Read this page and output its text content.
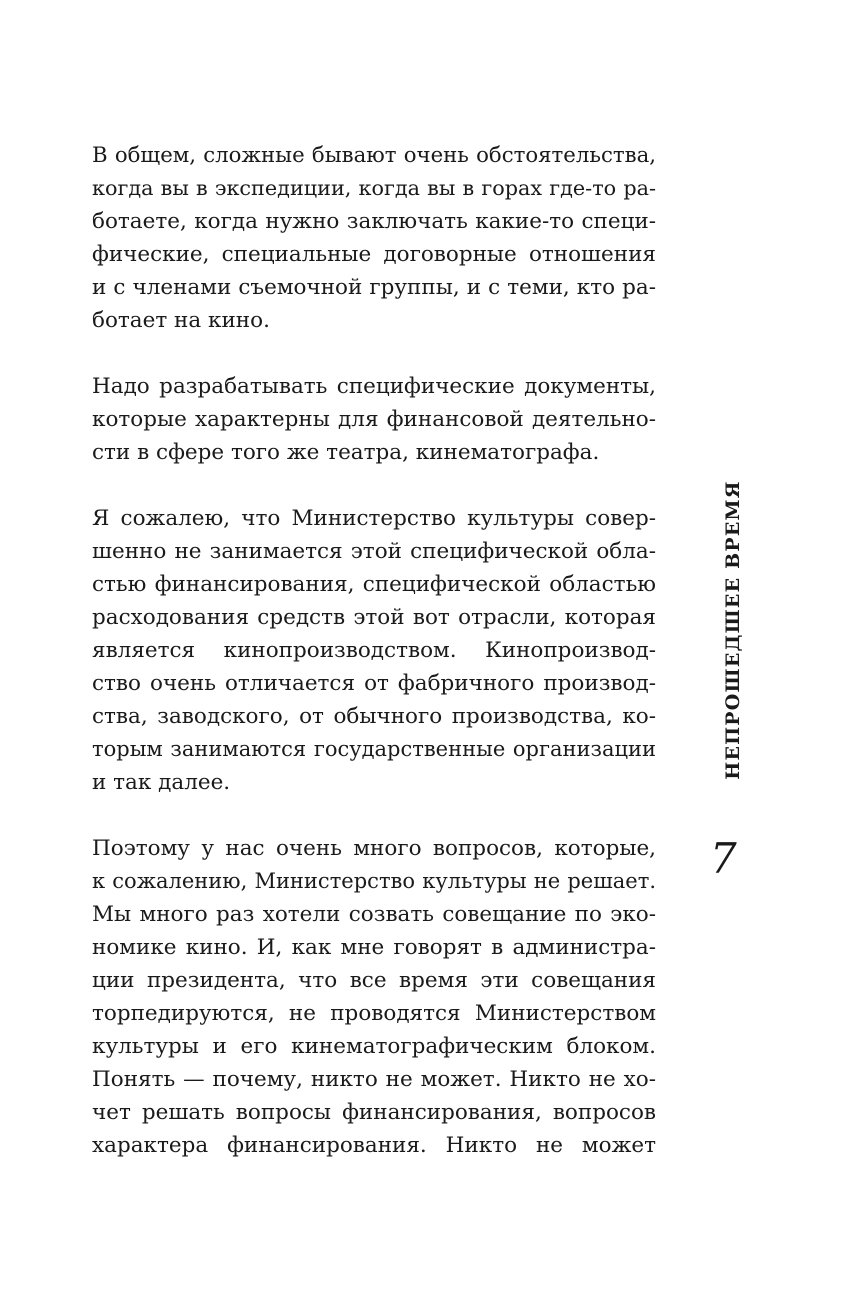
В общем, сложные бывают очень обстоятельства,
когда вы в экспедиции, когда вы в горах где-то ра-
ботаете, когда нужно заключать какие-то специ-
фические, специальные договорные отношения
и с членами съемочной группы, и с теми, кто ра-
ботает на кино.
Надо разрабатывать специфические документы,
которые характерны для финансовой деятельно-
сти в сфере того же театра, кинематографа.
Я сожалею, что Министерство культуры совер-
шенно не занимается этой специфической обла-
стью финансирования, специфической областью
расходования средств этой вот отрасли, которая
является кинопроизводством. Кинопроизвод-
ство очень отличается от фабричного производ-
ства, заводского, от обычного производства, ко-
торым занимаются государственные организации
и так далее.
Поэтому у нас очень много вопросов, которые,
к сожалению, Министерство культуры не решает.
Мы много раз хотели созвать совещание по эко-
номике кино. И, как мне говорят в администра-
ции президента, что все время эти совещания
торпедируются, не проводятся Министерством
культуры и его кинематографическим блоком.
Понять — почему, никто не может. Никто не хо-
чет решать вопросы финансирования, вопросов
характера финансирования. Никто не может
НЕПРОШЕДШЕЕ ВРЕМЯ
7
